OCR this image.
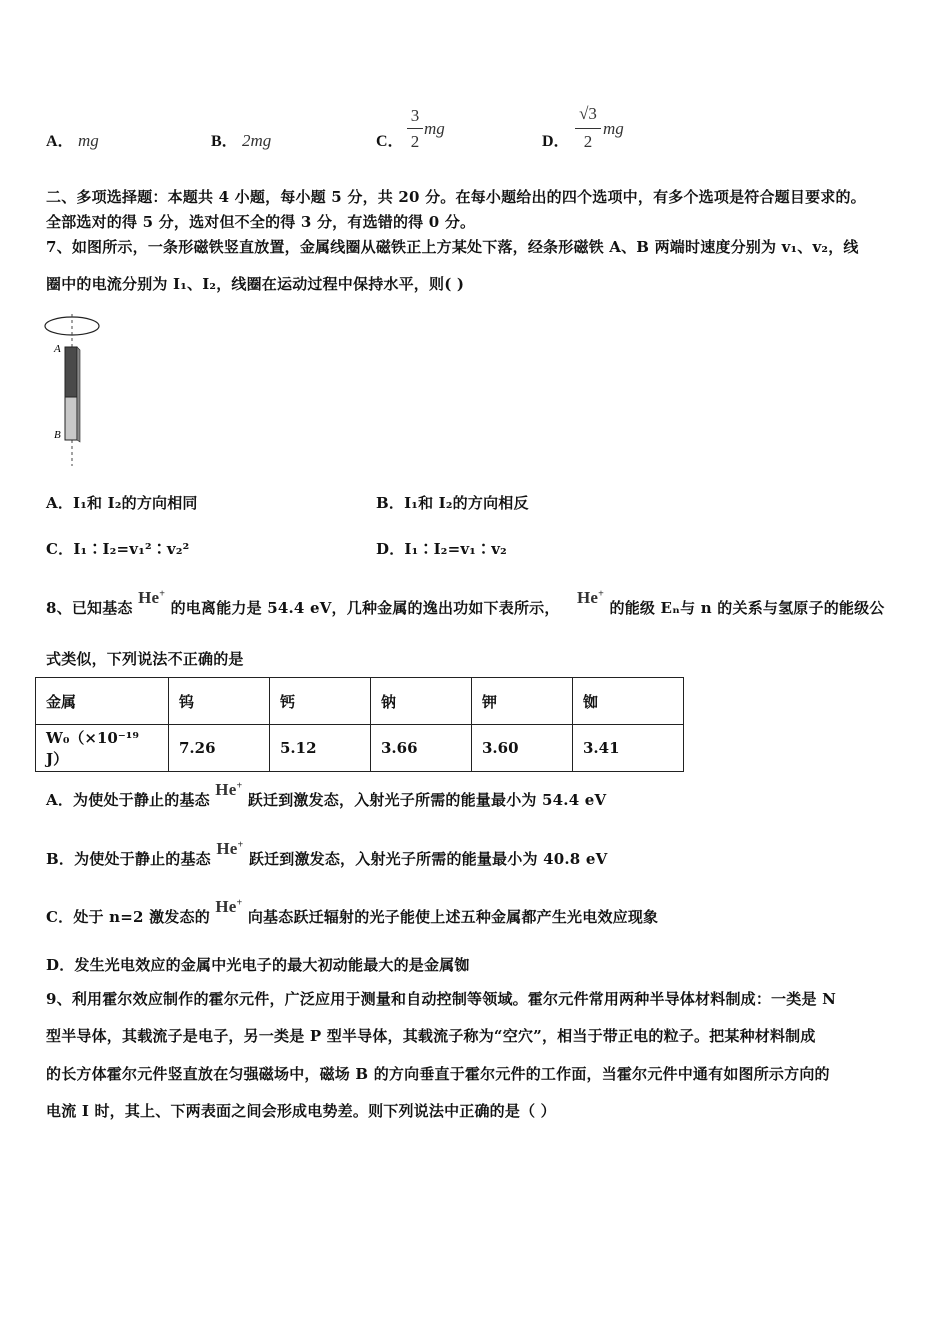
A． mg	B． 2mg	C．
3
2
mg
D．
√3
2
mg
二、多项选择题：本题共 4 小题，每小题 5 分，共 20 分。在每小题给出的四个选项中，有多个选项是符合题目要求的。
全部选对的得 5 分，选对但不全的得 3 分，有选错的得 0 分。
7、如图所示，一条形磁铁竖直放置，金属线圈从磁铁正上方某处下落，经条形磁铁 A、B 两端时速度分别为 v₁、v₂，线
圈中的电流分别为 I₁、I₂，线圈在运动过程中保持水平，则( )
A
B
A．I₁和 I₂的方向相同	B．I₁和 I₂的方向相反
C．I₁∶I₂=v₁²∶v₂²	D．I₁∶I₂=v₁∶v₂
8、已知基态 He+ 的电离能力是 54.4 eV，几种金属的逸出功如下表所示， He+ 的能级 Eₙ与 n 的关系与氢原子的能级公
式类似，下列说法不正确的是
金属	钨	钙	钠	钾	铷
W₀（×10⁻¹⁹ J）	7.26	5.12	3.66	3.60	3.41
A．为使处于静止的基态 He+ 跃迁到激发态，入射光子所需的能量最小为 54.4 eV
B．为使处于静止的基态 He+ 跃迁到激发态，入射光子所需的能量最小为 40.8 eV
C．处于 n=2 激发态的 He+ 向基态跃迁辐射的光子能使上述五种金属都产生光电效应现象
D．发生光电效应的金属中光电子的最大初动能最大的是金属铷
9、利用霍尔效应制作的霍尔元件，广泛应用于测量和自动控制等领域。霍尔元件常用两种半导体材料制成：一类是 N
型半导体，其载流子是电子，另一类是 P 型半导体，其载流子称为“空穴”，相当于带正电的粒子。把某种材料制成
的长方体霍尔元件竖直放在匀强磁场中，磁场 B 的方向垂直于霍尔元件的工作面，当霍尔元件中通有如图所示方向的
电流 I 时，其上、下两表面之间会形成电势差。则下列说法中正确的是（ ）
